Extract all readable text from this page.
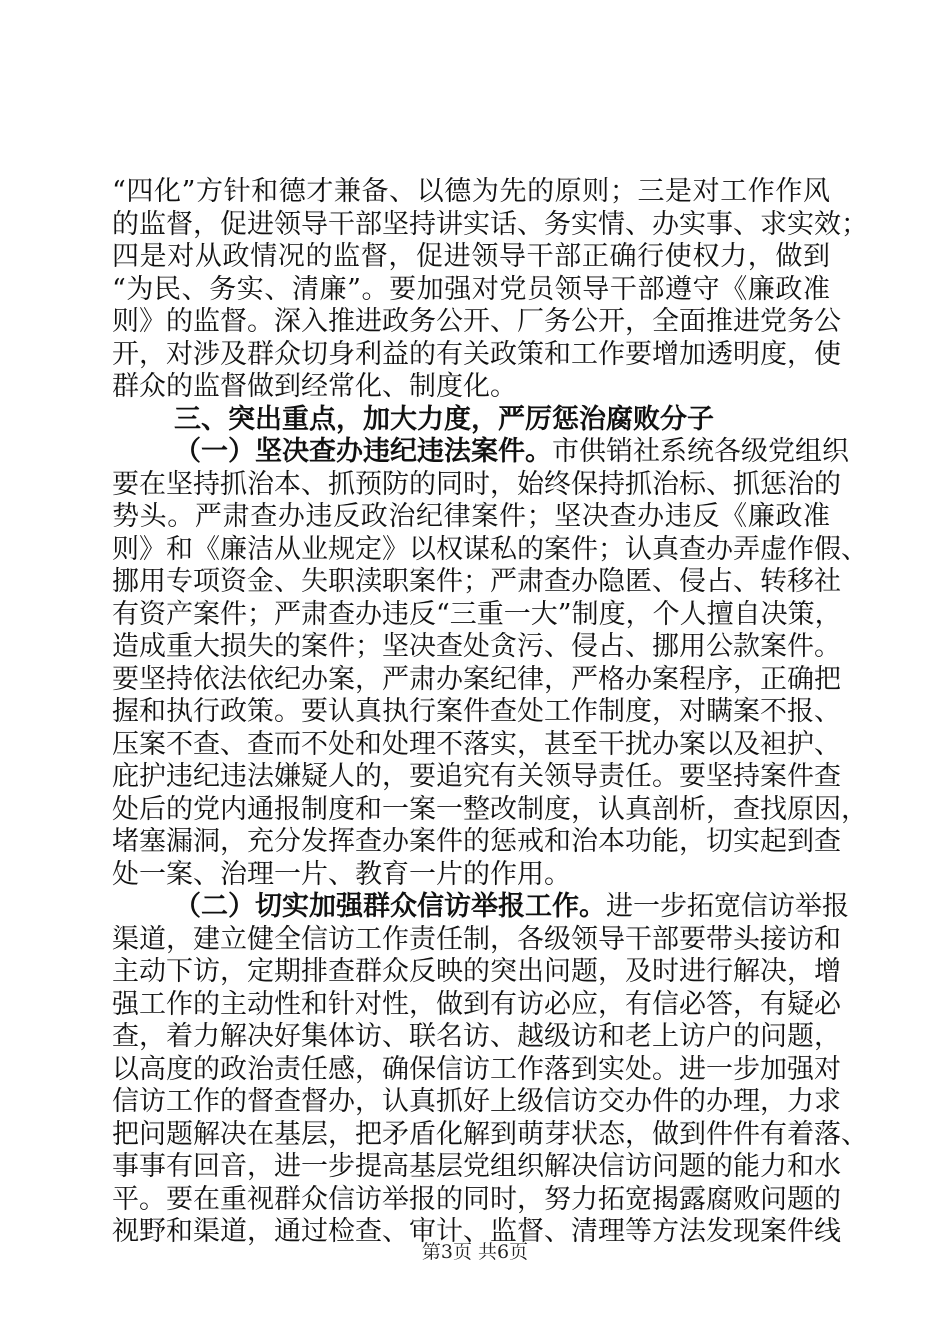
“四化”方针和德才兼备、以德为先的原则；三是对工作作风
的监督，促进领导干部坚持讲实话、务实情、办实事、求实效；
四是对从政情况的监督，促进领导干部正确行使权力，做到
“为民、务实、清廉”。要加强对党员领导干部遵守《廉政准
则》的监督。深入推进政务公开、厂务公开，全面推进党务公
开，对涉及群众切身利益的有关政策和工作要增加透明度，使
群众的监督做到经常化、制度化。
三、突出重点，加大力度，严厉惩治腐败分子
（一）坚决查办违纪违法案件。市供销社系统各级党组织
要在坚持抓治本、抓预防的同时，始终保持抓治标、抓惩治的
势头。严肃查办违反政治纪律案件；坚决查办违反《廉政准
则》和《廉洁从业规定》以权谋私的案件；认真查办弄虚作假、
挪用专项资金、失职渎职案件；严肃查办隐匿、侵占、转移社
有资产案件；严肃查办违反“三重一大”制度，个人擅自决策，
造成重大损失的案件；坚决查处贪污、侵占、挪用公款案件。
要坚持依法依纪办案，严肃办案纪律，严格办案程序，正确把
握和执行政策。要认真执行案件查处工作制度，对瞒案不报、
压案不查、查而不处和处理不落实，甚至干扰办案以及袒护、
庇护违纪违法嫌疑人的，要追究有关领导责任。要坚持案件查
处后的党内通报制度和一案一整改制度，认真剖析，查找原因，
堵塞漏洞，充分发挥查办案件的惩戒和治本功能，切实起到查
处一案、治理一片、教育一片的作用。
（二）切实加强群众信访举报工作。进一步拓宽信访举报
渠道，建立健全信访工作责任制，各级领导干部要带头接访和
主动下访，定期排查群众反映的突出问题，及时进行解决，增
强工作的主动性和针对性，做到有访必应，有信必答，有疑必
查，着力解决好集体访、联名访、越级访和老上访户的问题，
以高度的政治责任感，确保信访工作落到实处。进一步加强对
信访工作的督查督办，认真抓好上级信访交办件的办理，力求
把问题解决在基层，把矛盾化解到萌芽状态，做到件件有着落、
事事有回音，进一步提高基层党组织解决信访问题的能力和水
平。要在重视群众信访举报的同时，努力拓宽揭露腐败问题的
视野和渠道，通过检查、审计、监督、清理等方法发现案件线
第3页 共6页
